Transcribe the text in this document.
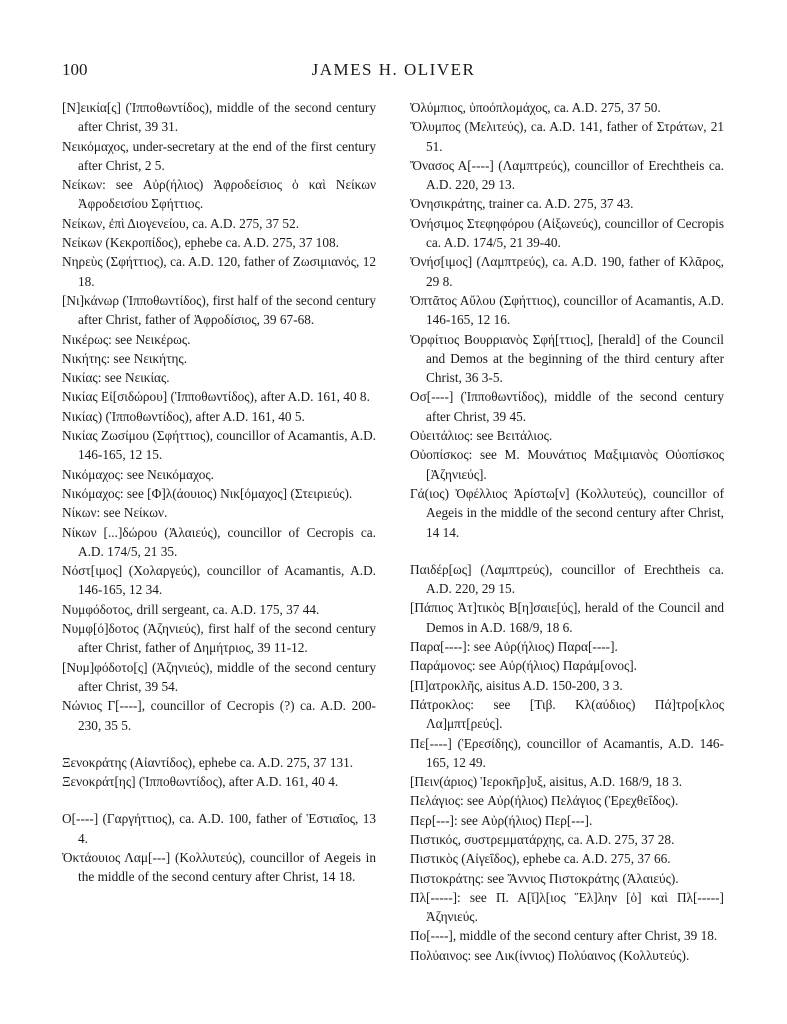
100	JAMES H. OLIVER

[N]εικία[ς] (Ἱπποθωντίδος), middle of the second century after Christ, 39 31.

Νεικόμαχος, under-secretary at the end of the first century after Christ, 2 5.

Νείκων: see Αὐρ(ήλιος) Ἀφροδείσιος ὁ καὶ Νείκων Ἀφροδεισίου Σφήττιος.

Νείκων, ἐπὶ Διογενείου, ca. A.D. 275, 37 52.

Νείκων (Κεκροπίδος), ephebe ca. A.D. 275, 37 108.

Νηρεὺς (Σφήττιος), ca. A.D. 120, father of Ζωσιμιανός, 12 18.

[Νι]κάνωρ (Ἱπποθωντίδος), first half of the second century after Christ, father of Ἀφροδίσιος, 39 67-68.

Νικέρως: see Νεικέρως.

Νικήτης: see Νεικήτης.

Νικίας: see Νεικίας.

Νικίας Εἰ[σιδώρου] (Ἱπποθωντίδος), after A.D. 161, 40 8.

Νικίας) (Ἱπποθωντίδος), after A.D. 161, 40 5.

Νικίας Ζωσίμου (Σφήττιος), councillor of Acamantis, A.D. 146-165, 12 15.

Νικόμαχος: see Νεικόμαχος.

Νικόμαχος: see [Φ]λ(άουιος) Νικ[όμαχος] (Στειριεύς).

Νίκων: see Νείκων.

Νίκων [...]δώρου (Ἁλαιεύς), councillor of Cecropis ca. A.D. 174/5, 21 35.

Νόστ[ιμος] (Χολαργεύς), councillor of Acamantis, A.D. 146-165, 12 34.

Νυμφόδοτος, drill sergeant, ca. A.D. 175, 37 44.

Νυμφ[ό]δοτος (Ἀζηνιεύς), first half of the second century after Christ, father of Δημήτριος, 39 11-12.

[Νυμ]φόδοτο[ς] (Ἀζηνιεύς), middle of the second century after Christ, 39 54.

Νώνιος Γ[----], councillor of Cecropis (?) ca. A.D. 200-230, 35 5.

Ξενοκράτης (Αἰαντίδος), ephebe ca. A.D. 275, 37 131.

Ξενοκράτ[ης] (Ἱπποθωντίδος), after A.D. 161, 40 4.

Ο[----] (Γαργήττιος), ca. A.D. 100, father of Ἑστιαῖος, 13 4.

Ὀκτάουιος Λαμ[---] (Κολλυτεύς), councillor of Aegeis in the middle of the second century after Christ, 14 18.

Ὀλύμπιος, ὑποόπλομάχος, ca. A.D. 275, 37 50.

Ὄλυμπος (Μελιτεύς), ca. A.D. 141, father of Στράτων, 21 51.

Ὄνασος Α[----] (Λαμπτρεύς), councillor of Erechtheis ca. A.D. 220, 29 13.

Ὀνησικράτης, trainer ca. A.D. 275, 37 43.

Ὀνήσιμος Στεφηφόρου (Αἰξωνεύς), councillor of Cecropis ca. A.D. 174/5, 21 39-40.

Ὀνήσ[ιμος] (Λαμπτρεύς), ca. A.D. 190, father of Κλᾶρος, 29 8.

Ὀπτᾶτος Αὔλου (Σφήττιος), councillor of Acamantis, A.D. 146-165, 12 16.

Ὀρφίτιος Βουρριανὸς Σφή[ττιος], [herald] of the Council and Demos at the beginning of the third century after Christ, 36 3-5.

Οσ[----] (Ἱπποθωντίδος), middle of the second century after Christ, 39 45.

Οὐειτάλιος: see Βειτάλιος.

Οὐοπίσκος: see Μ. Μουνάτιος Μαξιμιανὸς Οὐοπίσκος [Ἀζηνιεύς].

Γά(ιος) Ὀφέλλιος Ἀρίστω[ν] (Κολλυτεύς), councillor of Aegeis in the middle of the second century after Christ, 14 14.

Παιδέρ[ως] (Λαμπτρεύς), councillor of Erechtheis ca. A.D. 220, 29 15.

[Πάπιος Ἀτ]τικὸς Β[η]σαιε[ύς], herald of the Council and Demos in A.D. 168/9, 18 6.

Παρα[----]: see Αὐρ(ήλιος) Παρα[----].

Παράμονος: see Αὐρ(ήλιος) Παράμ[ονος].

[Π]ατροκλῆς, aisitus A.D. 150-200, 3 3.

Πάτροκλος: see [Τιβ. Κλ(αύδιος) Πά]τρο[κλος Λα]μπτ[ρεύς].

Πε[----] (Ἑρεσίδης), councillor of Acamantis, A.D. 146-165, 12 49.

[Πειν(άριος) Ἱεροκῆρ]υξ, aisitus, A.D. 168/9, 18 3.

Πελάγιος: see Αὐρ(ήλιος) Πελάγιος (Ἐρεχθεΐδος).

Περ[---]: see Αὐρ(ήλιος) Περ[---].

Πιστικός, συστρεμματάρχης, ca. A.D. 275, 37 28.

Πιστικὸς (Αἰγεΐδος), ephebe ca. A.D. 275, 37 66.

Πιστοκράτης: see Ἄννιος Πιστοκράτης (Ἁλαιεύς).

Πλ[-----]: see Π. Α[ἴ]λ[ιος Ἕλ]λην [ὁ] καὶ Πλ[-----] Ἀζηνιεύς.

Πο[----], middle of the second century after Christ, 39 18.

Πολύαινος: see Λικ(ίννιος) Πολύαινος (Κολλυτεύς).
